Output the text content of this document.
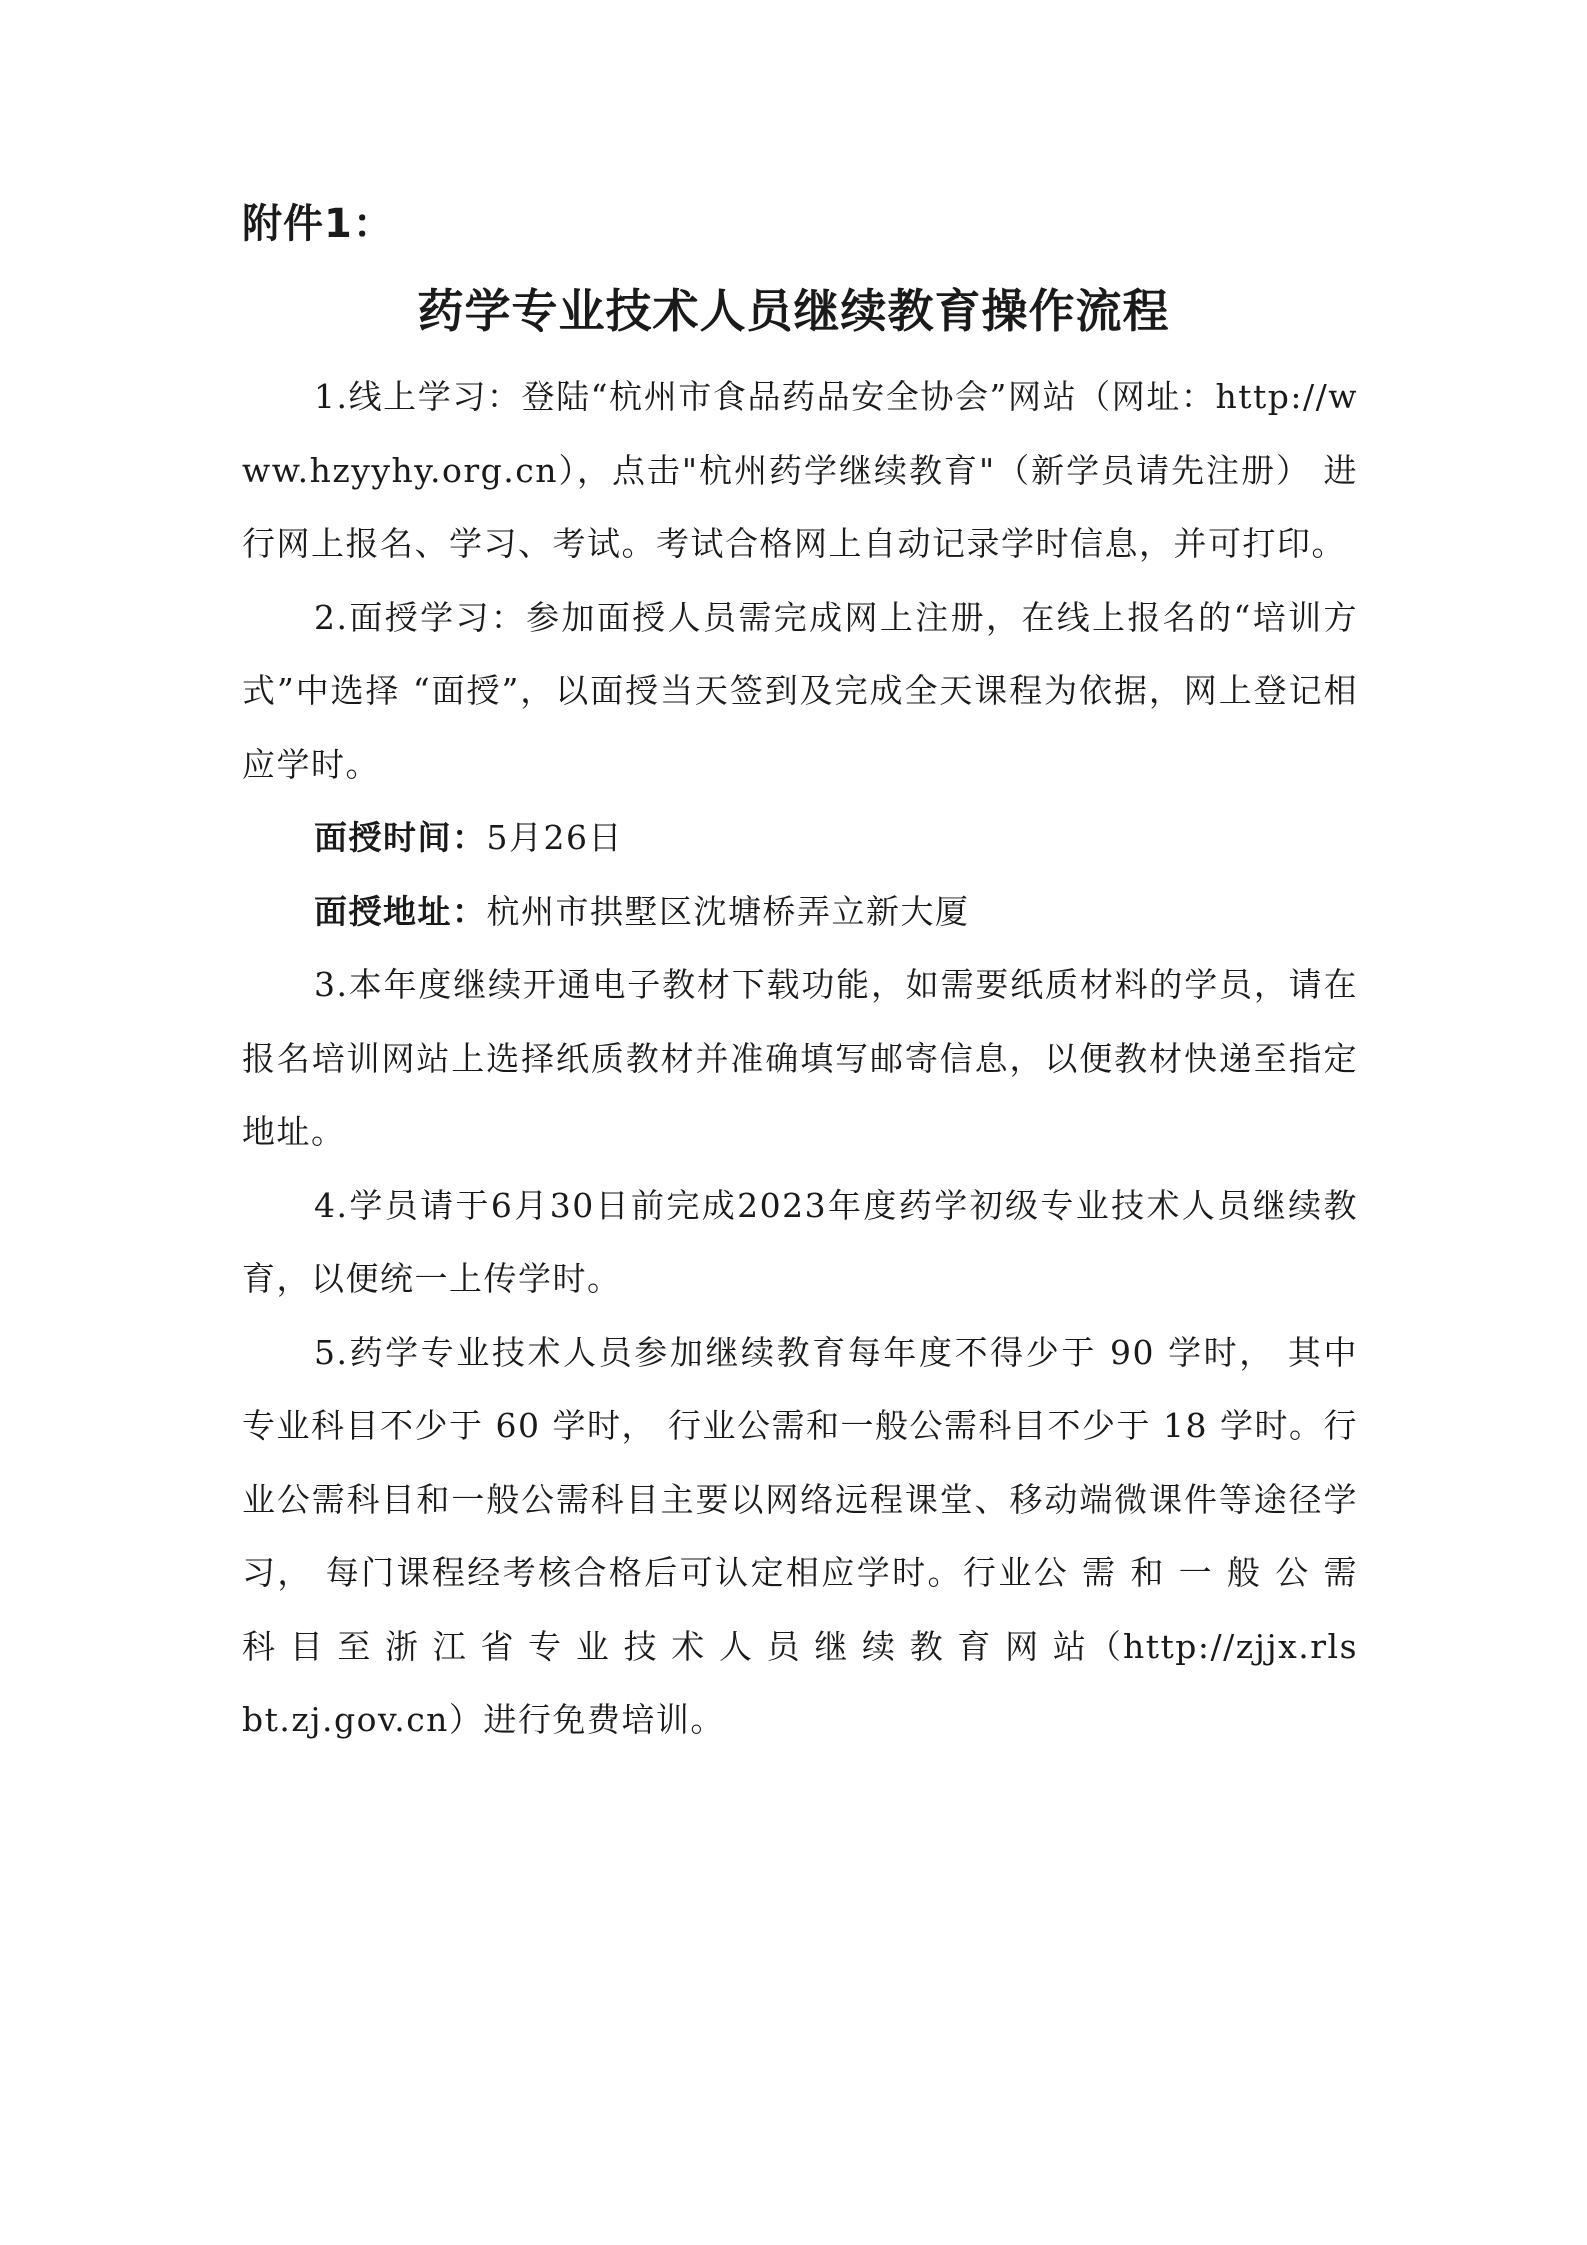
附件1：
药学专业技术人员继续教育操作流程

1.线上学习：登陆“杭州市食品药品安全协会”网站（网址：http://www.hzyyhy.org.cn），点击"杭州药学继续教育"（新学员请先注册） 进行网上报名、学习、考试。考试合格网上自动记录学时信息，并可打印。

2.面授学习：参加面授人员需完成网上注册，在线上报名的“培训方式”中选择 “面授”，以面授当天签到及完成全天课程为依据，网上登记相应学时。

面授时间：5月26日

面授地址：杭州市拱墅区沈塘桥弄立新大厦

3.本年度继续开通电子教材下载功能，如需要纸质材料的学员，请在报名培训网站上选择纸质教材并准确填写邮寄信息，以便教材快递至指定地址。

4.学员请于6月30日前完成2023年度药学初级专业技术人员继续教育，以便统一上传学时。

5.药学专业技术人员参加继续教育每年度不得少于 90 学时， 其中专业科目不少于 60 学时， 行业公需和一般公需科目不少于 18 学时。行业公需科目和一般公需科目主要以网络远程课堂、移动端微课件等途径学习， 每门课程经考核合格后可认定相应学时。行业公 需 和 一 般 公 需 科 目 至 浙 江 省 专 业 技 术 人 员 继 续 教 育 网 站（http://zjjx.rlsbt.zj.gov.cn）进行免费培训。
